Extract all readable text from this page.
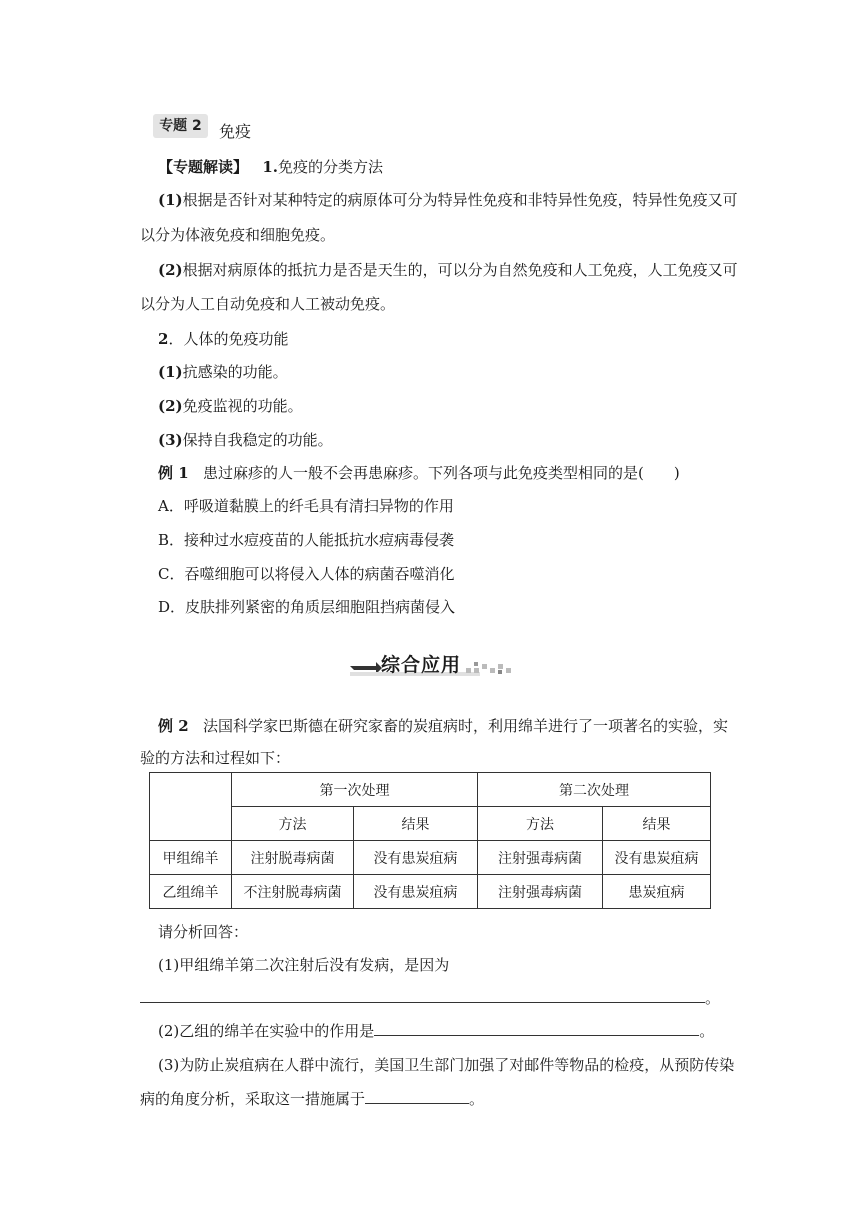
专题 2	免疫
【专题解读】 1.免疫的分类方法
(1)根据是否针对某种特定的病原体可分为特异性免疫和非特异性免疫，特异性免疫又可
以分为体液免疫和细胞免疫。
(2)根据对病原体的抵抗力是否是天生的，可以分为自然免疫和人工免疫，人工免疫又可
以分为人工自动免疫和人工被动免疫。
2．人体的免疫功能
(1)抗感染的功能。
(2)免疫监视的功能。
(3)保持自我稳定的功能。
例 1 患过麻疹的人一般不会再患麻疹。下列各项与此免疫类型相同的是(　　)
A．呼吸道黏膜上的纤毛具有清扫异物的作用
B．接种过水痘疫苗的人能抵抗水痘病毒侵袭
C．吞噬细胞可以将侵入人体的病菌吞噬消化
D．皮肤排列紧密的角质层细胞阻挡病菌侵入
综合应用
例 2 法国科学家巴斯德在研究家畜的炭疽病时，利用绵羊进行了一项著名的实验，实
验的方法和过程如下：
	第一次处理		第二次处理	
	方法	结果	方法	结果
甲组绵羊	注射脱毒病菌	没有患炭疽病	注射强毒病菌	没有患炭疽病
乙组绵羊	不注射脱毒病菌	没有患炭疽病	注射强毒病菌	患炭疽病
请分析回答：
(1)甲组绵羊第二次注射后没有发病，是因为
。
(2)乙组的绵羊在实验中的作用是	。
(3)为防止炭疽病在人群中流行，美国卫生部门加强了对邮件等物品的检疫，从预防传染
病的角度分析，采取这一措施属于	。
